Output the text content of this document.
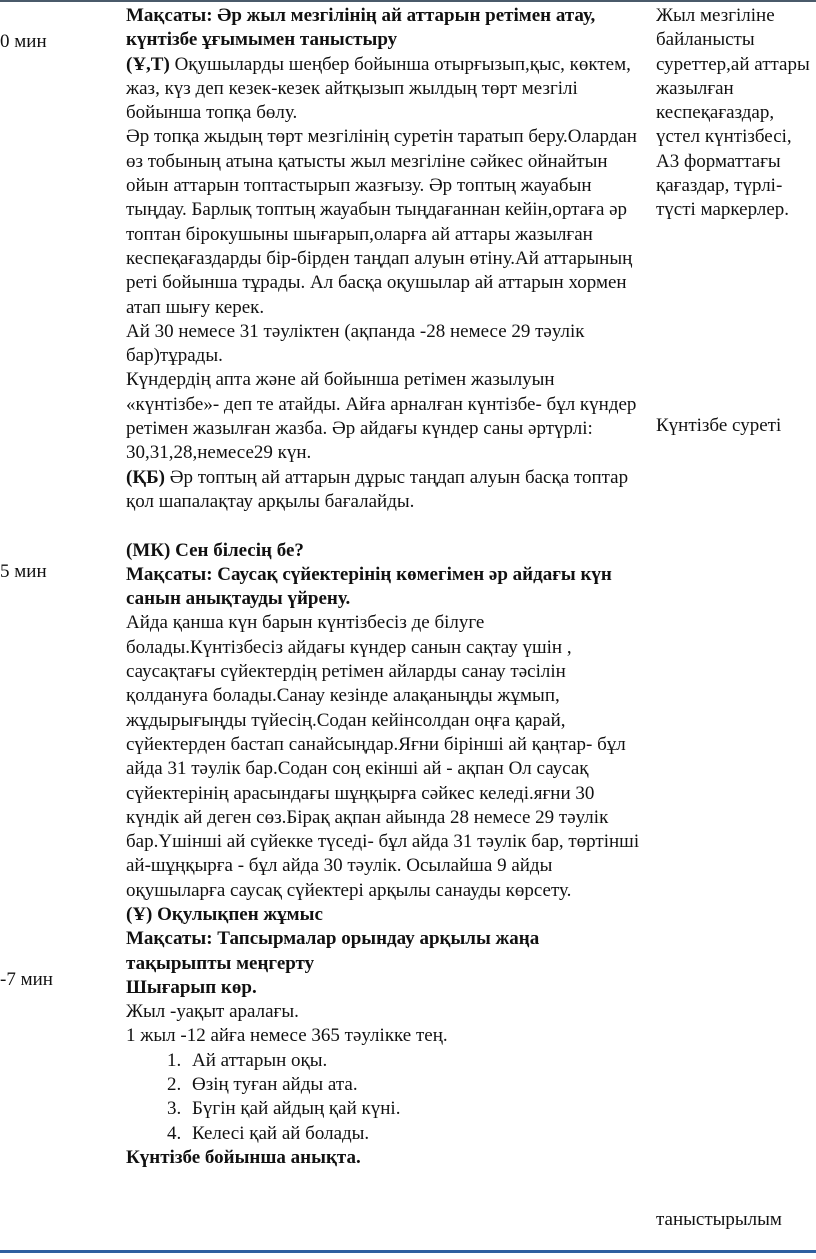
0 мин
5 мин
-7 мин

Мақсаты: Әр жыл мезгілінің ай аттарын ретімен атау, күнтізбе ұғымымен таныстыру

(Ұ,Т) Оқушыларды шеңбер бойынша отырғызып,қыс, көктем, жаз, күз деп кезек-кезек айтқызып жылдың төрт мезгілі бойынша топқа бөлу.

Әр топқа жыдың төрт мезгілінің суретін таратып беру.Олардан өз тобының атына қатысты жыл мезгіліне сәйкес ойнайтын ойын аттарын топтастырып жазғызу. Әр топтың жауабын тыңдау. Барлық топтың жауабын тыңдағаннан кейін,ортаға әр топтан бірокушыны шығарып,оларға ай аттары жазылған кеспеқағаздарды бір-бірден таңдап алуын өтіну.Ай аттарының реті бойынша тұрады. Ал басқа оқушылар ай аттарын хормен атап шығу керек.

Ай 30 немесе 31 тәуліктен (ақпанда -28 немесе 29 тәулік бар)тұрады.

Күндердің апта және ай бойынша ретімен жазылуын «күнтізбе»- деп те атайды. Айға арналған күнтізбе- бұл күндер ретімен жазылған жазба. Әр айдағы күндер саны әртүрлі: 30,31,28,немесе29 күн.

(ҚБ) Әр топтың ай аттарын дұрыс таңдап алуын басқа топтар қол шапалақтау арқылы бағалайды.

(МК) Сен білесің бе?

Мақсаты: Саусақ сүйектерінің көмегімен әр айдағы күн санын анықтауды үйрену.

Айда қанша күн барын күнтізбесіз де білуге болады.Күнтізбесіз айдағы күндер санын сақтау үшін , саусақтағы сүйектердің ретімен айларды санау тәсілін қолдануға болады.Санау кезінде алақаныңды жұмып, жұдырығыңды түйесің.Содан кейінсолдан оңға қарай, сүйектерден бастап санайсыңдар.Яғни бірінші ай қаңтар- бұл айда 31 тәулік бар.Содан соң екінші ай - ақпан Ол саусақ сүйектерінің арасындағы шұңқырға сәйкес келеді.яғни 30 күндік ай деген сөз.Бірақ ақпан айында 28 немесе 29 тәулік бар.Үшінші ай сүйекке түседі- бұл айда 31 тәулік бар, төртінші ай-шұңқырға - бұл айда 30 тәулік. Осылайша 9 айды оқушыларға саусақ сүйектері арқылы санауды көрсету.

(Ұ) Оқулықпен жұмыс

Мақсаты: Тапсырмалар орындау арқылы жаңа тақырыпты меңгерту

Шығарып көр.

Жыл -уақыт аралағы.

1 жыл -12 айға немесе 365 тәулікке тең.

1. Ай аттарын оқы.
2. Өзің туған айды ата.
3. Бүгін қай айдың қай күні.
4. Келесі қай ай болады.

Күнтізбе бойынша анықта.

Жыл мезгіліне байланысты суреттер,ай аттары жазылған кеспеқағаздар, үстел күнтізбесі, А3 форматтағы қағаздар, түрлі-түсті маркерлер.
Күнтізбе суреті
таныстырылым
